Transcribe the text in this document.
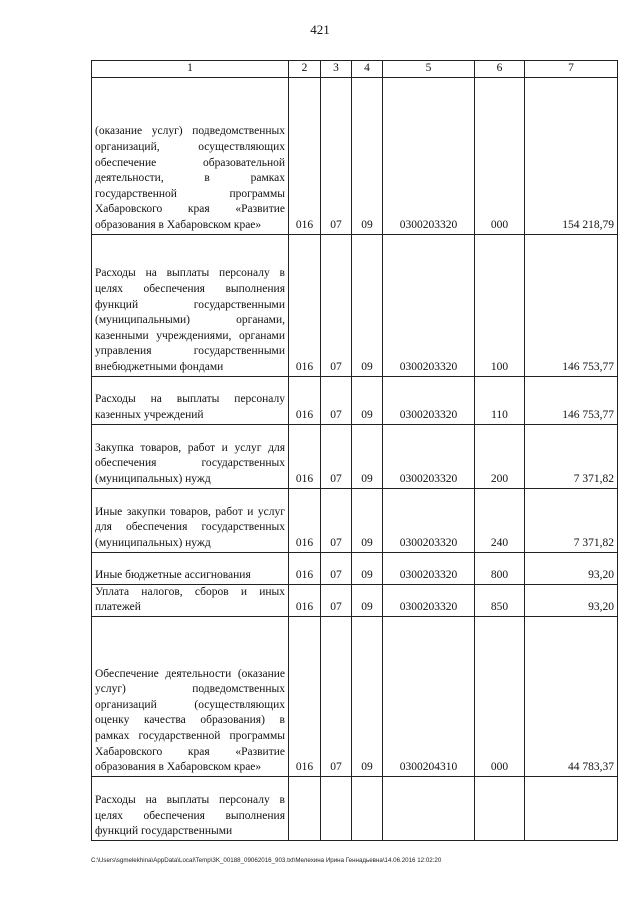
421
1	2	3	4	5	6	7
(оказание услуг) подведомственных организаций, осуществляющих обеспечение образовательной деятельности, в рамках государственной программы Хабаровского края «Развитие образования в Хабаровском крае»	016	07	09	0300203320	000	154 218,79
Расходы на выплаты персоналу в целях обеспечения выполнения функций государственными (муниципальными) органами, казенными учреждениями, органами управления государственными внебюджетными фондами	016	07	09	0300203320	100	146 753,77
Расходы на выплаты персоналу казенных учреждений	016	07	09	0300203320	110	146 753,77
Закупка товаров, работ и услуг для обеспечения государственных (муниципальных) нужд	016	07	09	0300203320	200	7 371,82
Иные закупки товаров, работ и услуг для обеспечения государственных (муниципальных) нужд	016	07	09	0300203320	240	7 371,82
Иные бюджетные ассигнования	016	07	09	0300203320	800	93,20
Уплата налогов, сборов и иных платежей	016	07	09	0300203320	850	93,20
Обеспечение деятельности (оказание услуг) подведомственных организаций (осуществляющих оценку качества образования) в рамках государственной программы Хабаровского края «Развитие образования в Хабаровском крае»	016	07	09	0300204310	000	44 783,37
Расходы на выплаты персоналу в целях обеспечения выполнения функций государственными						
C:\Users\sgmelekhina\AppData\Local\Temp\3K_00188_09062016_903.txt\Мелехина Ирина Геннадьевна\14.06.2016 12:02:20
